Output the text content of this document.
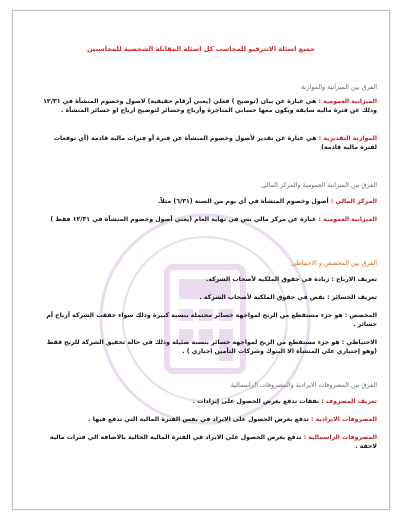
جميع اسئلة الانترفيو للمحاسب كل اسئلة المقابلة الشخصية للمحاسبين

الفرق بين الميزانية والموازنة

الميزانية العمومية : هي عبارة عن بيان (توضيح ) فعلي (يعني أرقام حقيقية) لاصول وخصوم المنشأة في ١٢/٣١ وذلك عن فترة مالية سابقة ويكون معها حسابي المتاجرة وأرباح وخسائر لتوضيح ارباح او خسائر المنشأة .

الموازنة التقديرية : هي عبارة عن تقدير لأصول وخصوم المنشأة عن فترة أو فترات مالية قادمة (أي توقعات لفترة مالية قادمة)

الفرق بين الميزانية العمومية والمركز المالى

المركز المالي : أصول وخصوم المنشأة في أي يوم من السنة (٦/٣١) مثلاً.

الميزانية العمومية : عبارة عن مركز مالي بس في نهاية العام (يعني أصول وخصوم المنشأة في ١٢/٣١ فقط )

الفرق بين المخصص و الاحتياطي

تعريف الارباح : زيادة في حقوق الملكية لأصحاب الشركة.

تعريف الخسائر : نقص في حقوق الملكية لأصحاب الشركة .

المخصص : هو جزء مستقطع من الربح لمواجهة خسائر محتملة بنسبة كبيرة وذلك سواء حققت الشركة أرباح أم خسائر .

الاحتياطي : هو جزء مستقطع من الربح لمواجهة خسائر بنسبة ضئيلة وذلك في حالة تحقيق الشركة للربح فقط (وهو إختياري علي المنشأة الا البنوك وشركات التأمين اجباري ) .

الفرق بين المصروفات الايرادية والمصروفات الراسمالية

تعريف المصروف : نفقات تدفع بغرض الحصول على إيرادات .

المصروفات الايرادية : تدفع بغرض الحصول على الايراد في نفس الفترة المالية التي تدفع فيها .

المصروفات الراسمالية : تدفع بغرض الحصول علي الايراد في الفترة المالية الحالية بالاضافة الي فترات مالية لاحقة .
